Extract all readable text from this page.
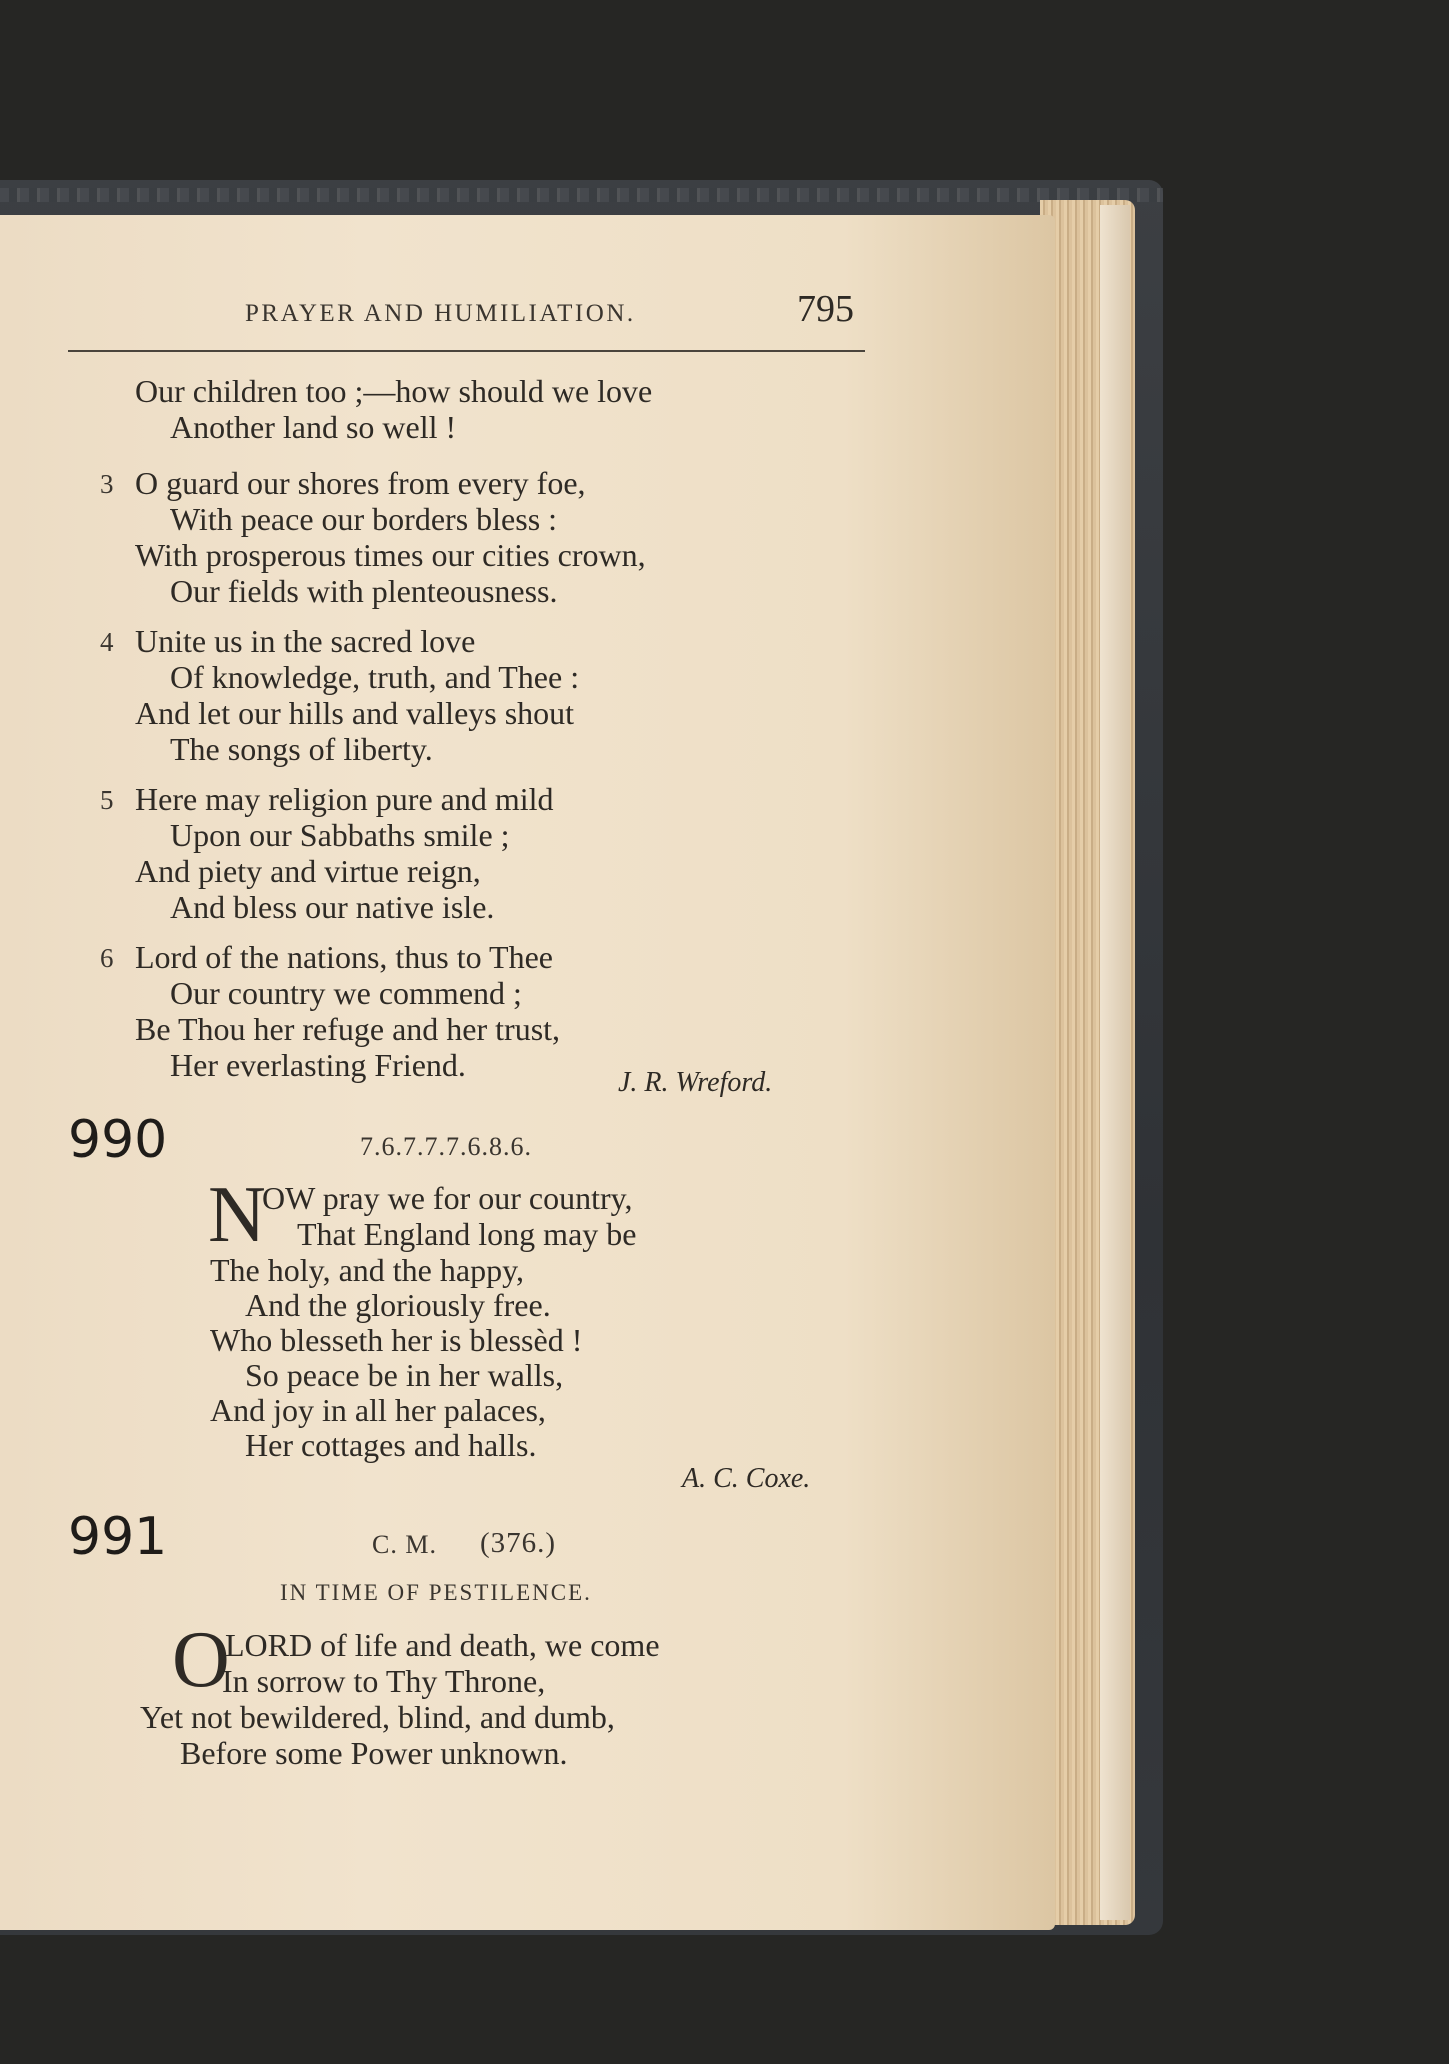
PRAYER AND HUMILIATION.	795
Our children too ;—how should we love
Another land so well !
3 O guard our shores from every foe,
With peace our borders bless :
With prosperous times our cities crown,
Our fields with plenteousness.
4 Unite us in the sacred love
Of knowledge, truth, and Thee :
And let our hills and valleys shout
The songs of liberty.
5 Here may religion pure and mild
Upon our Sabbaths smile ;
And piety and virtue reign,
And bless our native isle.
6 Lord of the nations, thus to Thee
Our country we commend ;
Be Thou her refuge and her trust,
Her everlasting Friend.	J. R. Wreford.
990	7.6.7.7.7.6.8.6.
N
OW pray we for our country,
That England long may be
The holy, and the happy,
And the gloriously free.
Who blesseth her is blessèd !
So peace be in her walls,
And joy in all her palaces,
Her cottages and halls.
A. C. Coxe.
991	C. M. (376.)
IN TIME OF PESTILENCE.
O
LORD of life and death, we come
In sorrow to Thy Throne,
Yet not bewildered, blind, and dumb,
Before some Power unknown.
